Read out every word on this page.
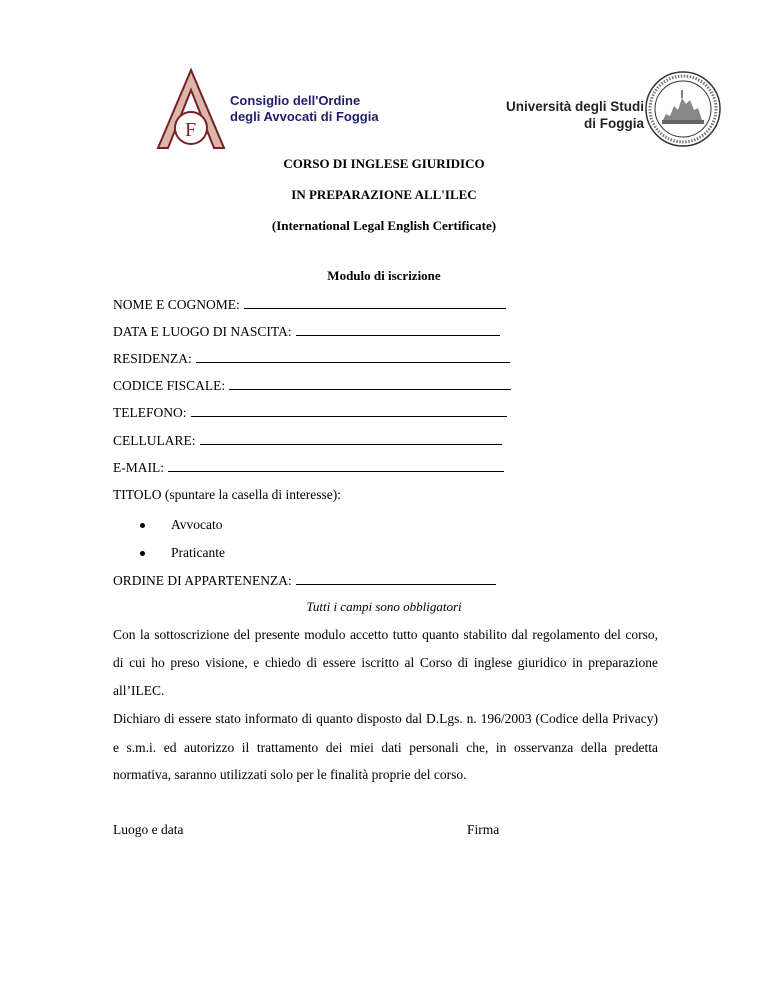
F
Consiglio dell'Ordine
degli Avvocati di Foggia
Università degli Studi
di Foggia
CORSO DI INGLESE GIURIDICO
IN PREPARAZIONE ALL'ILEC
(International Legal English Certificate)
Modulo di iscrizione
NOME E COGNOME:
DATA E LUOGO DI NASCITA:
RESIDENZA:
CODICE FISCALE:
TELEFONO:
CELLULARE:
E-MAIL:
TITOLO (spuntare la casella di interesse):
Avvocato
Praticante
ORDINE DI APPARTENENZA:
Tutti i campi sono obbligatori
Con la sottoscrizione del presente modulo accetto tutto quanto stabilito dal regolamento del corso,
di cui ho preso visione, e chiedo di essere iscritto al Corso di inglese giuridico in preparazione
all’ILEC.
Dichiaro di essere stato informato di quanto disposto dal D.Lgs. n. 196/2003 (Codice della Privacy)
e s.m.i. ed autorizzo il trattamento dei miei dati personali che, in osservanza della predetta
normativa, saranno utilizzati solo per le finalità proprie del corso.
Luogo e data	Firma
